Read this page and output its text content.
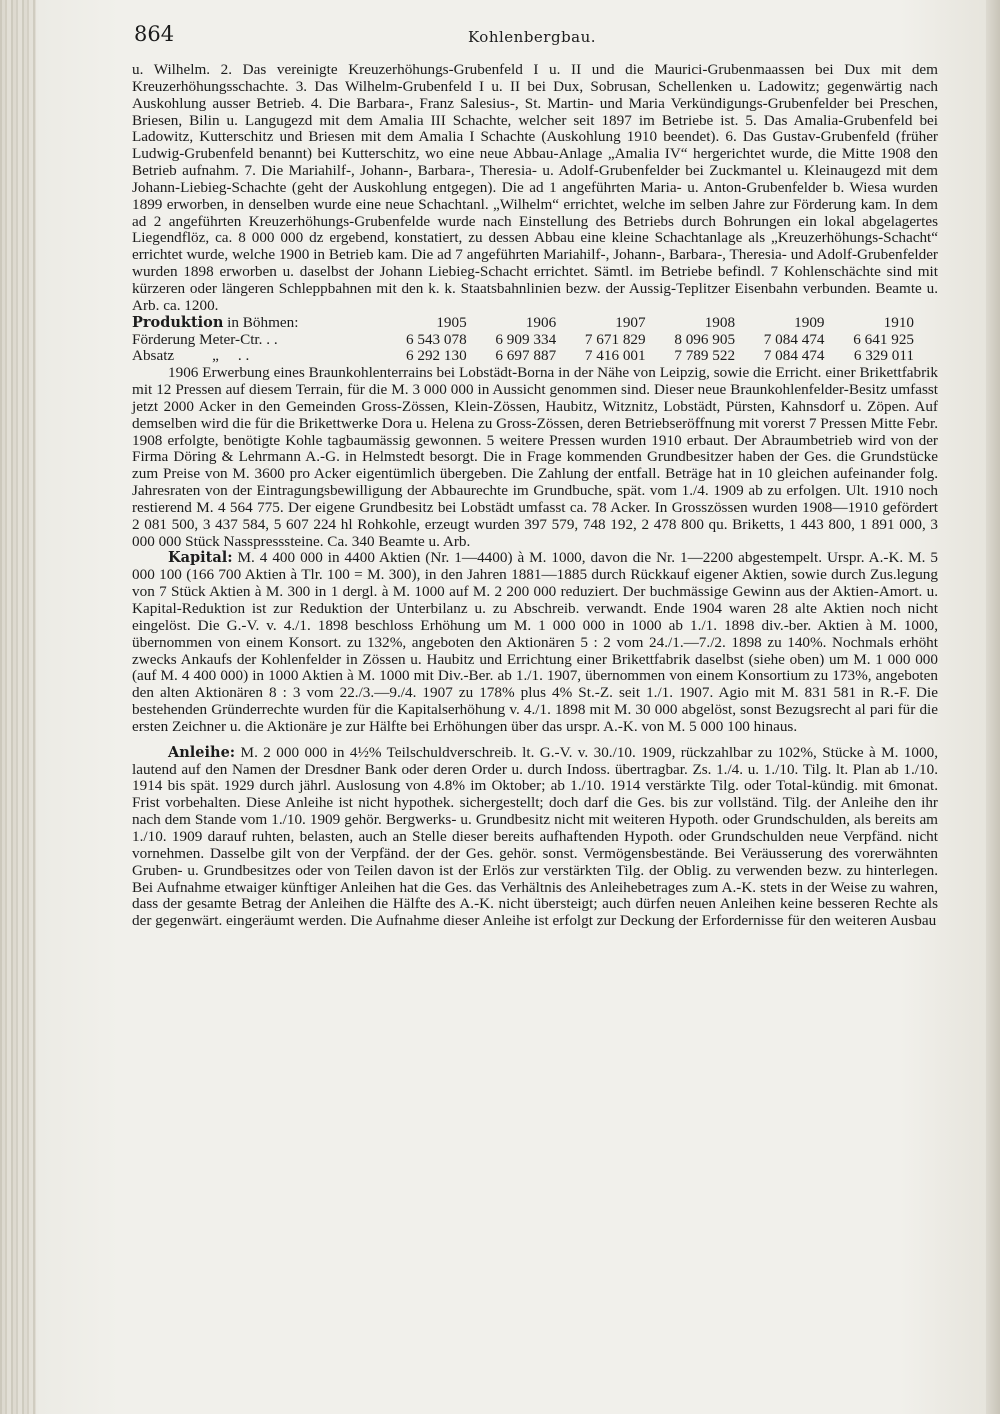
864	Kohlenbergbau.

u. Wilhelm. 2. Das vereinigte Kreuzerhöhungs-Grubenfeld I u. II und die Maurici-Grubenmaassen bei Dux mit dem Kreuzerhöhungsschachte. 3. Das Wilhelm-Grubenfeld I u. II bei Dux, Sobrusan, Schellenken u. Ladowitz; gegenwärtig nach Auskohlung ausser Betrieb. 4. Die Barbara-, Franz Salesius-, St. Martin- und Maria Verkündigungs-Grubenfelder bei Preschen, Briesen, Bilin u. Langugezd mit dem Amalia III Schachte, welcher seit 1897 im Betriebe ist. 5. Das Amalia-Grubenfeld bei Ladowitz, Kutterschitz und Briesen mit dem Amalia I Schachte (Auskohlung 1910 beendet). 6. Das Gustav-Grubenfeld (früher Ludwig-Grubenfeld benannt) bei Kutterschitz, wo eine neue Abbau-Anlage „Amalia IV“ hergerichtet wurde, die Mitte 1908 den Betrieb aufnahm. 7. Die Mariahilf-, Johann-, Barbara-, Theresia- u. Adolf-Grubenfelder bei Zuckmantel u. Kleinaugezd mit dem Johann-Liebieg-Schachte (geht der Auskohlung entgegen). Die ad 1 angeführten Maria- u. Anton-Grubenfelder b. Wiesa wurden 1899 erworben, in denselben wurde eine neue Schachtanl. „Wilhelm“ errichtet, welche im selben Jahre zur Förderung kam. In dem ad 2 angeführten Kreuzerhöhungs-Grubenfelde wurde nach Einstellung des Betriebs durch Bohrungen ein lokal abgelagertes Liegendflöz, ca. 8 000 000 dz ergebend, konstatiert, zu dessen Abbau eine kleine Schachtanlage als „Kreuzerhöhungs-Schacht“ errichtet wurde, welche 1900 in Betrieb kam. Die ad 7 angeführten Mariahilf-, Johann-, Barbara-, Theresia- und Adolf-Grubenfelder wurden 1898 erworben u. daselbst der Johann Liebieg-Schacht errichtet. Sämtl. im Betriebe befindl. 7 Kohlenschächte sind mit kürzeren oder längeren Schleppbahnen mit den k. k. Staatsbahnlinien bezw. der Aussig-Teplitzer Eisenbahn verbunden. Beamte u. Arb. ca. 1200.

Produktion in Böhmen:	1905	1906	1907	1908	1909	1910
Förderung Meter-Ctr. . .	6 543 078	6 909 334	7 671 829	8 096 905	7 084 474	6 641 925
Absatz          „     . .	6 292 130	6 697 887	7 416 001	7 789 522	7 084 474	6 329 011

1906 Erwerbung eines Braunkohlenterrains bei Lobstädt-Borna in der Nähe von Leipzig, sowie die Erricht. einer Brikettfabrik mit 12 Pressen auf diesem Terrain, für die M. 3 000 000 in Aussicht genommen sind. Dieser neue Braunkohlenfelder-Besitz umfasst jetzt 2000 Acker in den Gemeinden Gross-Zössen, Klein-Zössen, Haubitz, Witznitz, Lobstädt, Pürsten, Kahnsdorf u. Zöpen. Auf demselben wird die für die Brikettwerke Dora u. Helena zu Gross-Zössen, deren Betriebseröffnung mit vorerst 7 Pressen Mitte Febr. 1908 erfolgte, benötigte Kohle tagbaumässig gewonnen. 5 weitere Pressen wurden 1910 erbaut. Der Abraumbetrieb wird von der Firma Döring & Lehrmann A.-G. in Helmstedt besorgt. Die in Frage kommenden Grundbesitzer haben der Ges. die Grundstücke zum Preise von M. 3600 pro Acker eigentümlich übergeben. Die Zahlung der entfall. Beträge hat in 10 gleichen aufeinander folg. Jahresraten von der Eintragungsbewilligung der Abbaurechte im Grundbuche, spät. vom 1./4. 1909 ab zu erfolgen. Ult. 1910 noch restierend M. 4 564 775. Der eigene Grundbesitz bei Lobstädt umfasst ca. 78 Acker. In Grosszössen wurden 1908—1910 gefördert 2 081 500, 3 437 584, 5 607 224 hl Rohkohle, erzeugt wurden 397 579, 748 192, 2 478 800 qu. Briketts, 1 443 800, 1 891 000, 3 000 000 Stück Nasspresssteine. Ca. 340 Beamte u. Arb.

Kapital: M. 4 400 000 in 4400 Aktien (Nr. 1—4400) à M. 1000, davon die Nr. 1—2200 abgestempelt. Urspr. A.-K. M. 5 000 100 (166 700 Aktien à Tlr. 100 = M. 300), in den Jahren 1881—1885 durch Rückkauf eigener Aktien, sowie durch Zus.legung von 7 Stück Aktien à M. 300 in 1 dergl. à M. 1000 auf M. 2 200 000 reduziert. Der buchmässige Gewinn aus der Aktien-Amort. u. Kapital-Reduktion ist zur Reduktion der Unterbilanz u. zu Abschreib. verwandt. Ende 1904 waren 28 alte Aktien noch nicht eingelöst. Die G.-V. v. 4./1. 1898 beschloss Erhöhung um M. 1 000 000 in 1000 ab 1./1. 1898 div.-ber. Aktien à M. 1000, übernommen von einem Konsort. zu 132%, angeboten den Aktionären 5 : 2 vom 24./1.—7./2. 1898 zu 140%. Nochmals erhöht zwecks Ankaufs der Kohlenfelder in Zössen u. Haubitz und Errichtung einer Brikettfabrik daselbst (siehe oben) um M. 1 000 000 (auf M. 4 400 000) in 1000 Aktien à M. 1000 mit Div.-Ber. ab 1./1. 1907, übernommen von einem Konsortium zu 173%, angeboten den alten Aktionären 8 : 3 vom 22./3.—9./4. 1907 zu 178% plus 4% St.-Z. seit 1./1. 1907. Agio mit M. 831 581 in R.-F. Die bestehenden Gründerrechte wurden für die Kapitalserhöhung v. 4./1. 1898 mit M. 30 000 abgelöst, sonst Bezugsrecht al pari für die ersten Zeichner u. die Aktionäre je zur Hälfte bei Erhöhungen über das urspr. A.-K. von M. 5 000 100 hinaus.

Anleihe: M. 2 000 000 in 4½% Teilschuldverschreib. lt. G.-V. v. 30./10. 1909, rückzahlbar zu 102%, Stücke à M. 1000, lautend auf den Namen der Dresdner Bank oder deren Order u. durch Indoss. übertragbar. Zs. 1./4. u. 1./10. Tilg. lt. Plan ab 1./10. 1914 bis spät. 1929 durch jährl. Auslosung von 4.8% im Oktober; ab 1./10. 1914 verstärkte Tilg. oder Total-kündig. mit 6monat. Frist vorbehalten. Diese Anleihe ist nicht hypothek. sichergestellt; doch darf die Ges. bis zur vollständ. Tilg. der Anleihe den ihr nach dem Stande vom 1./10. 1909 gehör. Bergwerks- u. Grundbesitz nicht mit weiteren Hypoth. oder Grundschulden, als bereits am 1./10. 1909 darauf ruhten, belasten, auch an Stelle dieser bereits aufhaftenden Hypoth. oder Grundschulden neue Verpfänd. nicht vornehmen. Dasselbe gilt von der Verpfänd. der der Ges. gehör. sonst. Vermögensbestände. Bei Veräusserung des vorerwähnten Gruben- u. Grundbesitzes oder von Teilen davon ist der Erlös zur verstärkten Tilg. der Oblig. zu verwenden bezw. zu hinterlegen. Bei Aufnahme etwaiger künftiger Anleihen hat die Ges. das Verhältnis des Anleihebetrages zum A.-K. stets in der Weise zu wahren, dass der gesamte Betrag der Anleihen die Hälfte des A.-K. nicht übersteigt; auch dürfen neuen Anleihen keine besseren Rechte als der gegenwärt. eingeräumt werden. Die Aufnahme dieser Anleihe ist erfolgt zur Deckung der Erfordernisse für den weiteren Ausbau
